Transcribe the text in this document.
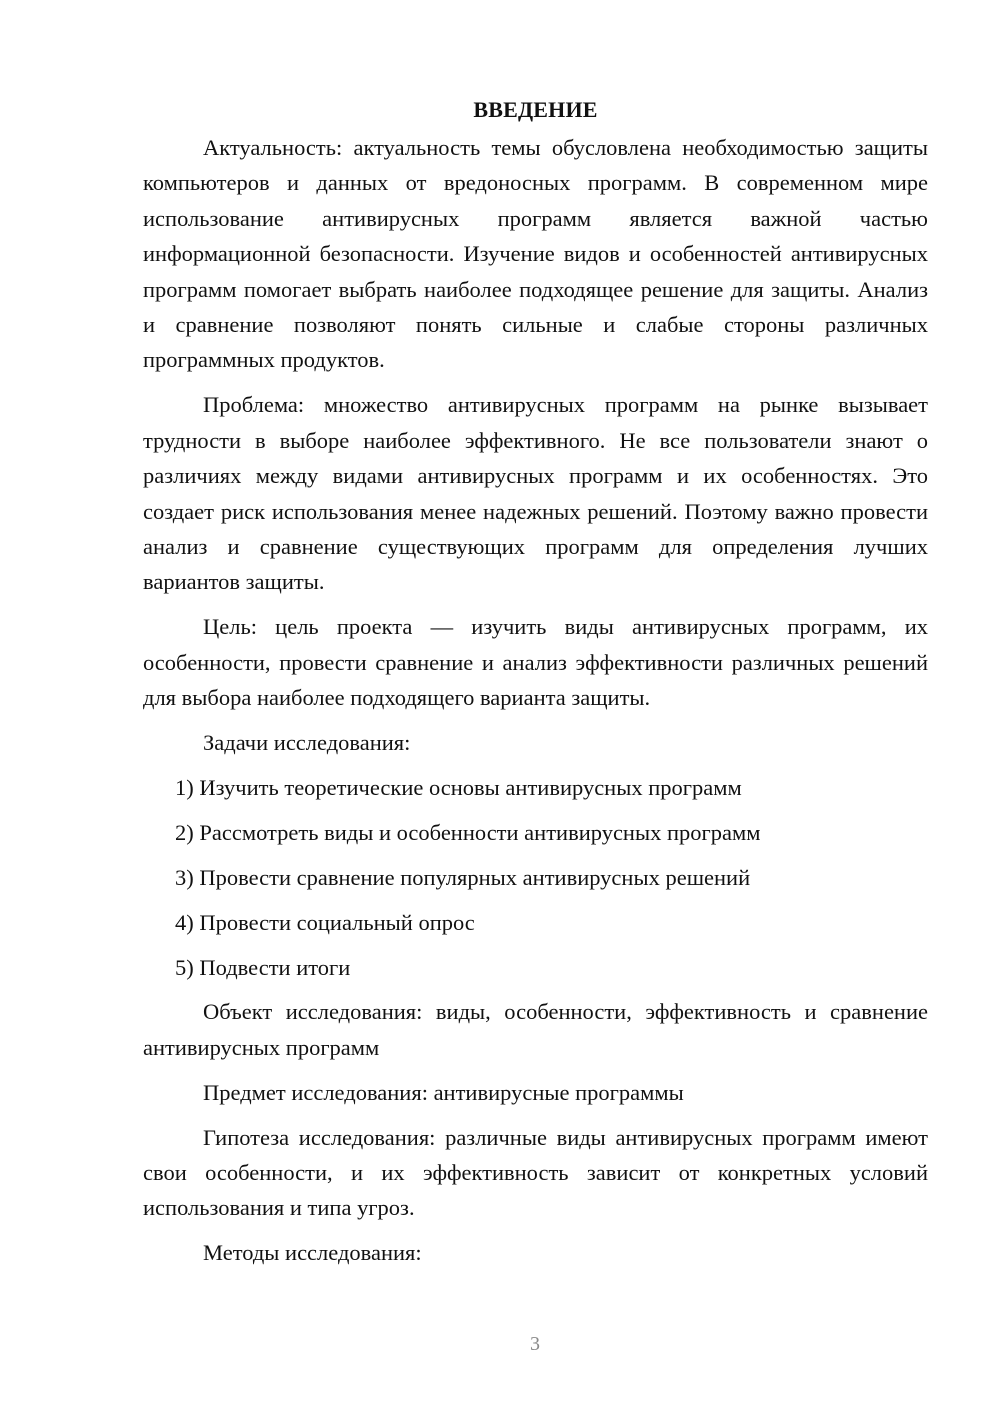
ВВЕДЕНИЕ

Актуальность: актуальность темы обусловлена необходимостью защиты компьютеров и данных от вредоносных программ. В современном мире использование антивирусных программ является важной частью информационной безопасности. Изучение видов и особенностей антивирусных программ помогает выбрать наиболее подходящее решение для защиты. Анализ и сравнение позволяют понять сильные и слабые стороны различных программных продуктов.

Проблема: множество антивирусных программ на рынке вызывает трудности в выборе наиболее эффективного. Не все пользователи знают о различиях между видами антивирусных программ и их особенностях. Это создает риск использования менее надежных решений. Поэтому важно провести анализ и сравнение существующих программ для определения лучших вариантов защиты.

Цель: цель проекта — изучить виды антивирусных программ, их особенности, провести сравнение и анализ эффективности различных решений для выбора наиболее подходящего варианта защиты.

Задачи исследования:

1) Изучить теоретические основы антивирусных программ

2) Рассмотреть виды и особенности антивирусных программ

3) Провести сравнение популярных антивирусных решений

4) Провести социальный опрос

5) Подвести итоги

Объект исследования: виды, особенности, эффективность и сравнение антивирусных программ

Предмет исследования: антивирусные программы

Гипотеза исследования: различные виды антивирусных программ имеют свои особенности, и их эффективность зависит от конкретных условий использования и типа угроз.

Методы исследования:

3
